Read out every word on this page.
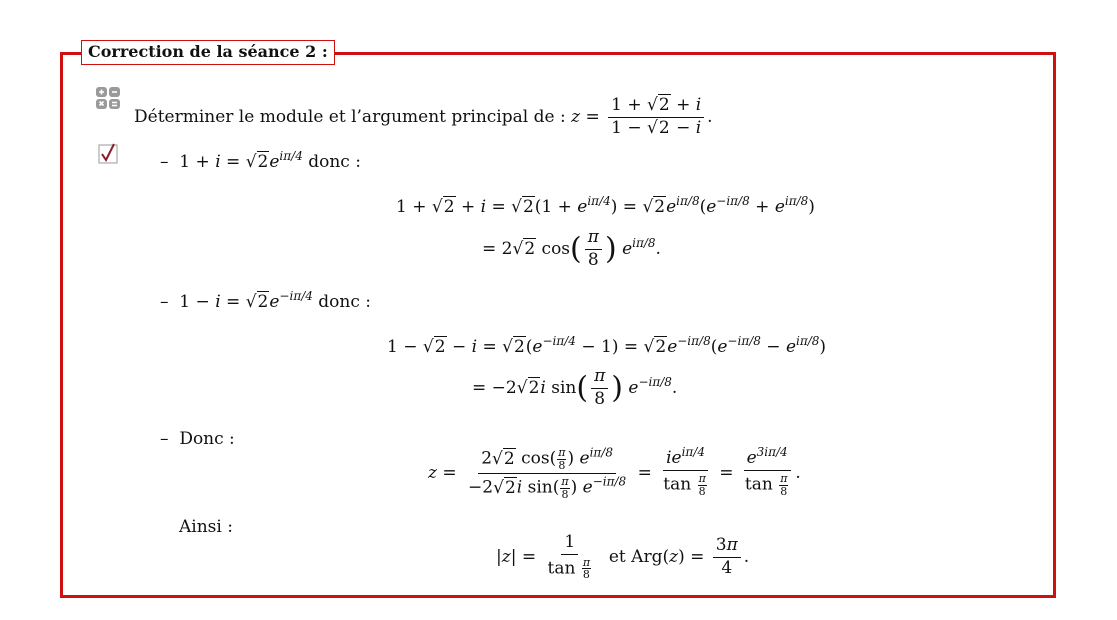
Correction de la séance 2 :
Déterminer le module et l’argument principal de : $z = \frac{1 + √2 + i}{1 - √2 - i}$ .
–  $1 + i = √2e^{i\pi/4}$ donc :
$1 + √2 + i = √2(1 + e^{i\pi/4}) = √2e^{i\pi/8}(e^{-i\pi/8} + e^{i\pi/8})$
= 2√2 $\cos( \frac{\pi}{8}$ ) $e^{i\pi/8}$.
–  $1 - i = √2e^{-i\pi/4}$ donc :
$1 - √2 - i = √2(e^{-i\pi/4} - 1) = √2e^{-i\pi/8}(e^{-i\pi/8} - e^{i\pi/8})$
= −2√2i $\sin( \frac{\pi}{8}$ ) $e^{-i\pi/8}$.
– Donc :
$z = \frac{2√2 \cos( \frac{\pi}{8} ) e^{i\pi/8}}{-2√2i \sin( \frac{\pi}{8} ) e^{-i\pi/8}} = \frac{ie^{i\pi/4}}{\tan \frac{\pi}{8}} = \frac{e^{3i\pi/4}}{\tan \frac{\pi}{8}}$ .
Ainsi :
$|z| = \frac{1}{\tan \frac{\pi}{8}}$ et $Arg(z) = \frac{3\pi}{4}$ .
